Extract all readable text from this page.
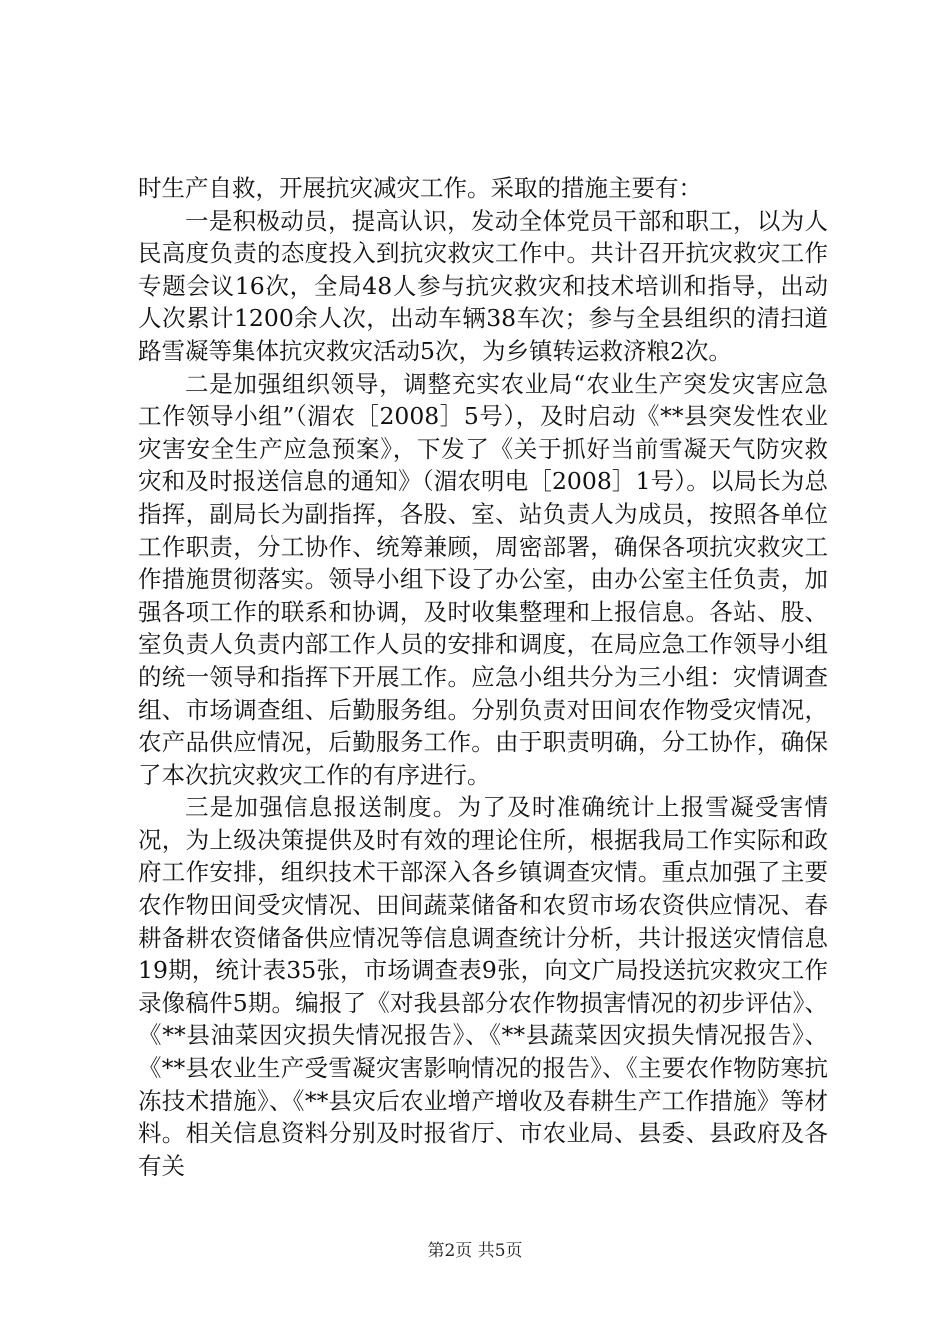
时生产自救，开展抗灾减灾工作。采取的措施主要有：

一是积极动员，提高认识，发动全体党员干部和职工，以为人民高度负责的态度投入到抗灾救灾工作中。共计召开抗灾救灾工作专题会议16次，全局48人参与抗灾救灾和技术培训和指导，出动人次累计1200余人次，出动车辆38车次；参与全县组织的清扫道路雪凝等集体抗灾救灾活动5次，为乡镇转运救济粮2次。

二是加强组织领导，调整充实农业局“农业生产突发灾害应急工作领导小组”（湄农［2008］5号），及时启动《**县突发性农业灾害安全生产应急预案》，下发了《关于抓好当前雪凝天气防灾救灾和及时报送信息的通知》（湄农明电［2008］1号）。以局长为总指挥，副局长为副指挥，各股、室、站负责人为成员，按照各单位工作职责，分工协作、统筹兼顾，周密部署，确保各项抗灾救灾工作措施贯彻落实。领导小组下设了办公室，由办公室主任负责，加强各项工作的联系和协调，及时收集整理和上报信息。各站、股、室负责人负责内部工作人员的安排和调度，在局应急工作领导小组的统一领导和指挥下开展工作。应急小组共分为三小组：灾情调查组、市场调查组、后勤服务组。分别负责对田间农作物受灾情况，农产品供应情况，后勤服务工作。由于职责明确，分工协作，确保了本次抗灾救灾工作的有序进行。

三是加强信息报送制度。为了及时准确统计上报雪凝受害情况，为上级决策提供及时有效的理论住所，根据我局工作实际和政府工作安排，组织技术干部深入各乡镇调查灾情。重点加强了主要农作物田间受灾情况、田间蔬菜储备和农贸市场农资供应情况、春耕备耕农资储备供应情况等信息调查统计分析，共计报送灾情信息19期，统计表35张，市场调查表9张，向文广局投送抗灾救灾工作录像稿件5期。编报了《对我县部分农作物损害情况的初步评估》、《**县油菜因灾损失情况报告》、《**县蔬菜因灾损失情况报告》、《**县农业生产受雪凝灾害影响情况的报告》、《主要农作物防寒抗冻技术措施》、《**县灾后农业增产增收及春耕生产工作措施》等材料。相关信息资料分别及时报省厅、市农业局、县委、县政府及各有关

第2页 共5页
